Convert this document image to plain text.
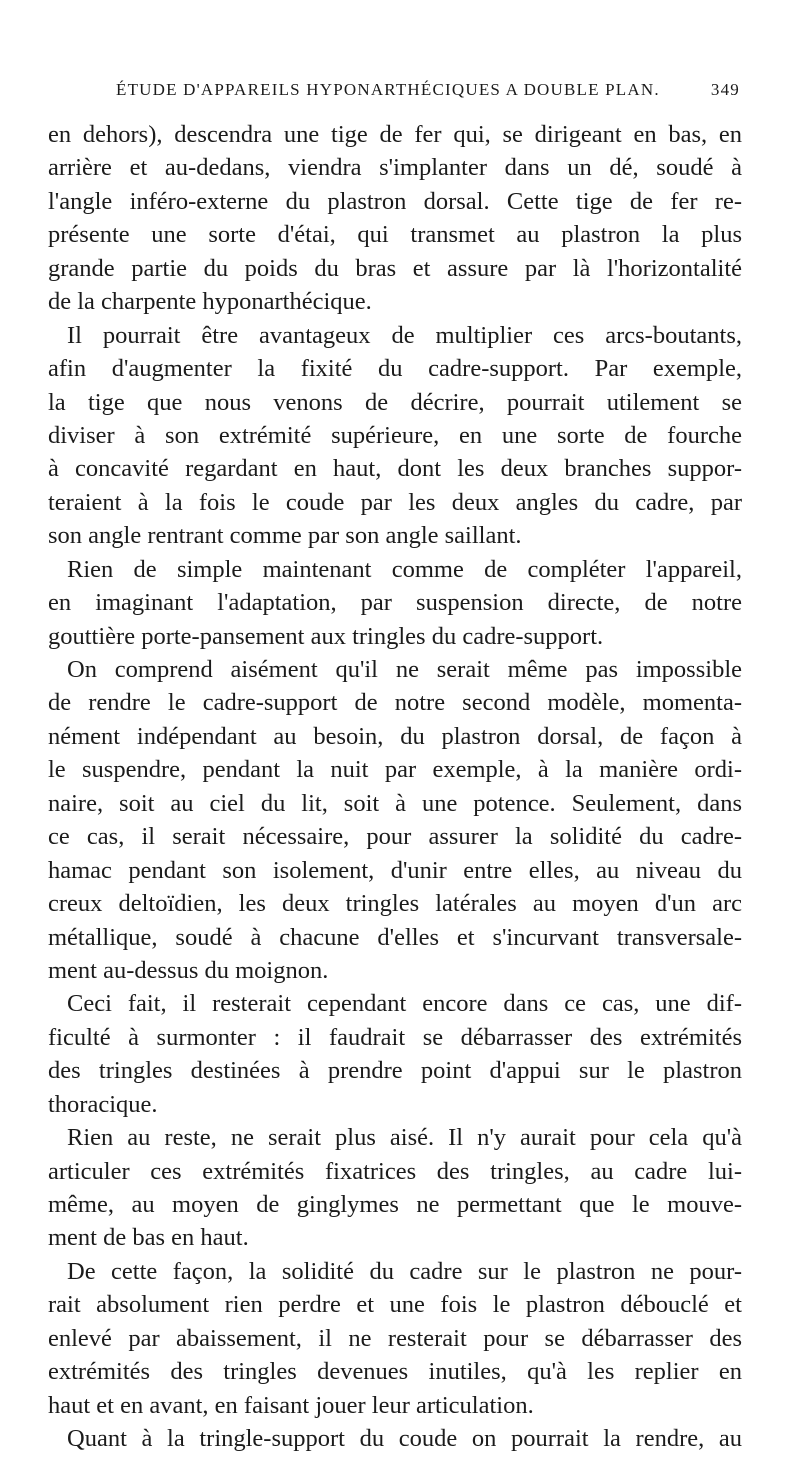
ÉTUDE D'APPAREILS HYPONARTHÉCIQUES A DOUBLE PLAN.	349
en dehors), descendra une tige de fer qui, se dirigeant en bas, en
arrière et au-dedans, viendra s'implanter dans un dé, soudé à
l'angle inféro-externe du plastron dorsal. Cette tige de fer re-
présente une sorte d'étai, qui transmet au plastron la plus
grande partie du poids du bras et assure par là l'horizontalité
de la charpente hyponarthécique.
Il pourrait être avantageux de multiplier ces arcs-boutants,
afin d'augmenter la fixité du cadre-support. Par exemple,
la tige que nous venons de décrire, pourrait utilement se
diviser à son extrémité supérieure, en une sorte de fourche
à concavité regardant en haut, dont les deux branches suppor-
teraient à la fois le coude par les deux angles du cadre, par
son angle rentrant comme par son angle saillant.
Rien de simple maintenant comme de compléter l'appareil,
en imaginant l'adaptation, par suspension directe, de notre
gouttière porte-pansement aux tringles du cadre-support.
On comprend aisément qu'il ne serait même pas impossible
de rendre le cadre-support de notre second modèle, momenta-
nément indépendant au besoin, du plastron dorsal, de façon à
le suspendre, pendant la nuit par exemple, à la manière ordi-
naire, soit au ciel du lit, soit à une potence. Seulement, dans
ce cas, il serait nécessaire, pour assurer la solidité du cadre-
hamac pendant son isolement, d'unir entre elles, au niveau du
creux deltoïdien, les deux tringles latérales au moyen d'un arc
métallique, soudé à chacune d'elles et s'incurvant transversale-
ment au-dessus du moignon.
Ceci fait, il resterait cependant encore dans ce cas, une dif-
ficulté à surmonter : il faudrait se débarrasser des extrémités
des tringles destinées à prendre point d'appui sur le plastron
thoracique.
Rien au reste, ne serait plus aisé. Il n'y aurait pour cela qu'à
articuler ces extrémités fixatrices des tringles, au cadre lui-
même, au moyen de ginglymes ne permettant que le mouve-
ment de bas en haut.
De cette façon, la solidité du cadre sur le plastron ne pour-
rait absolument rien perdre et une fois le plastron débouclé et
enlevé par abaissement, il ne resterait pour se débarrasser des
extrémités des tringles devenues inutiles, qu'à les replier en
haut et en avant, en faisant jouer leur articulation.
Quant à la tringle-support du coude on pourrait la rendre, au
